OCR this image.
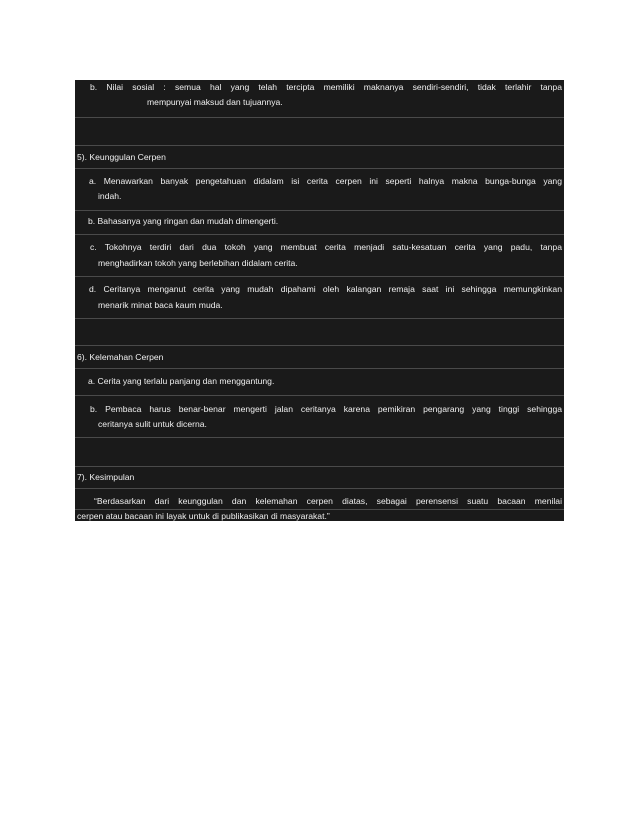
b. Nilai sosial : semua hal yang telah tercipta memiliki maknanya sendiri-sendiri, tidak terlahir tanpa
mempunyai maksud dan tujuannya.
5). Keunggulan Cerpen
a. Menawarkan banyak pengetahuan didalam isi cerita cerpen ini seperti halnya makna bunga-bunga yang
indah.
b. Bahasanya yang ringan dan mudah dimengerti.
c. Tokohnya terdiri dari dua tokoh yang membuat cerita menjadi satu-kesatuan cerita yang padu, tanpa
menghadirkan tokoh yang berlebihan didalam cerita.
d. Ceritanya menganut cerita yang mudah dipahami oleh kalangan remaja saat ini sehingga memungkinkan
menarik minat baca kaum muda.
6). Kelemahan Cerpen
a. Cerita yang terlalu panjang dan menggantung.
b. Pembaca harus benar-benar mengerti jalan ceritanya karena pemikiran pengarang yang tinggi sehingga
ceritanya sulit untuk dicerna.
7). Kesimpulan
“Berdasarkan dari keunggulan dan kelemahan cerpen diatas, sebagai perensensi suatu bacaan menilai
cerpen atau bacaan ini layak untuk di publikasikan di masyarakat.”
